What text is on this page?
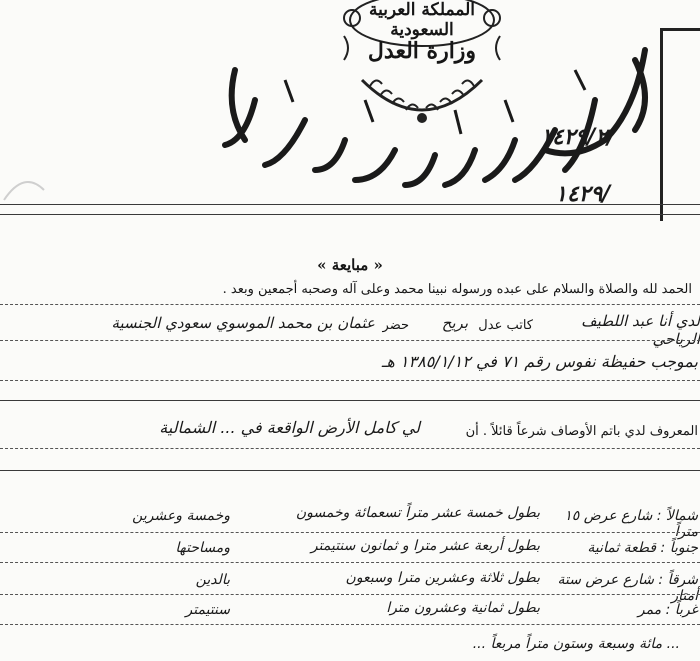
المملكة العربية السعودية
وزارة العدل
١٤٢٩/٢/
١٤٢٩/
« مبايعة »
الحمد لله والصلاة والسلام على عبده ورسوله نبينا محمد وعلى آله وصحبه أجمعين وبعد .
لدي أنا عبد اللطيف الرياحي
كاتب عدل
بريح
حضر
عثمان بن محمد الموسوي سعودي الجنسية
بموجب حفيظة نفوس رقم ٧١ في ١٣٨٥/١/١٢ هـ
لي كامل الأرض الواقعة في ... الشمالية	المعروف لدي باتم الأوصاف شرعاً قائلاً . أن
شمالاً : شارع عرض ١٥ متراً
بطول خمسة عشر متراً تسعمائة وخمسون
وخمسة وعشرين
جنوباً : قطعة ثمانية
بطول أربعة عشر مترا و ثمانون سنتيمتر
ومساحتها
شرقاً : شارع عرض ستة أمتار
بطول ثلاثة وعشرين مترا وسبعون
بالدين
غرباً : ممر
بطول ثمانية وعشرون مترا
سنتيمتر
... مائة وسبعة وستون متراً مربعاً ...
